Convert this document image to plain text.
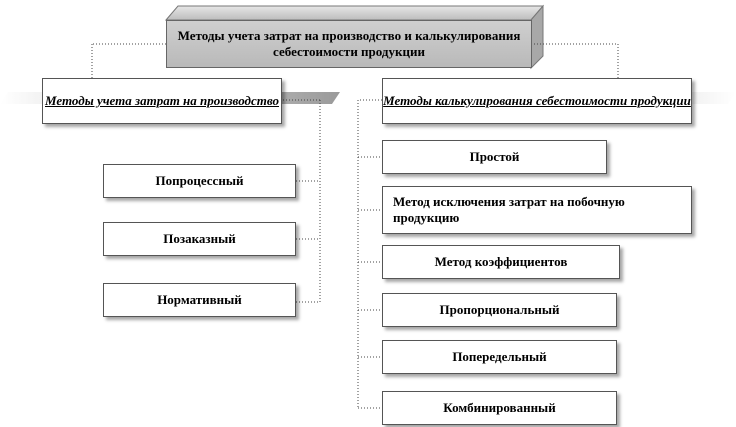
Методы учета затрат на производство и калькулирования себестоимости продукции
Методы учета затрат на производство	Методы калькулирования себестоимости продукции
Попроцессный
Позаказный
Нормативный
Простой
Метод исключения затрат на побочную продукцию
Метод коэффициентов
Пропорциональный
Попередельный
Комбинированный
